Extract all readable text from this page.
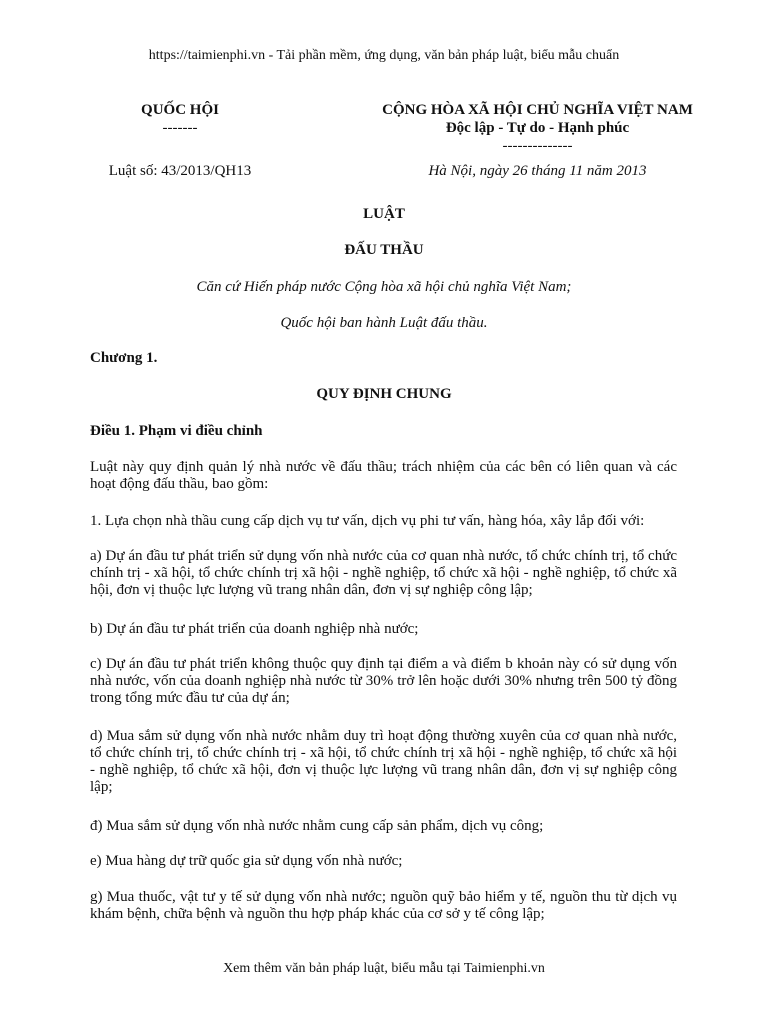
https://taimienphi.vn - Tải phần mềm, ứng dụng, văn bản pháp luật, biểu mẫu chuẩn
QUỐC HỘI
-------
Luật số: 43/2013/QH13
CỘNG HÒA XÃ HỘI CHỦ NGHĨA VIỆT NAM
Độc lập - Tự do - Hạnh phúc
--------------
Hà Nội, ngày 26 tháng 11 năm 2013
LUẬT
ĐẤU THẦU
Căn cứ Hiến pháp nước Cộng hòa xã hội chủ nghĩa Việt Nam;
Quốc hội ban hành Luật đấu thầu.
Chương 1.
QUY ĐỊNH CHUNG
Điều 1. Phạm vi điều chỉnh
Luật này quy định quản lý nhà nước về đấu thầu; trách nhiệm của các bên có liên quan và các hoạt động đấu thầu, bao gồm:
1. Lựa chọn nhà thầu cung cấp dịch vụ tư vấn, dịch vụ phi tư vấn, hàng hóa, xây lắp đối với:
a) Dự án đầu tư phát triển sử dụng vốn nhà nước của cơ quan nhà nước, tổ chức chính trị, tổ chức chính trị - xã hội, tổ chức chính trị xã hội - nghề nghiệp, tổ chức xã hội - nghề nghiệp, tổ chức xã hội, đơn vị thuộc lực lượng vũ trang nhân dân, đơn vị sự nghiệp công lập;
b) Dự án đầu tư phát triển của doanh nghiệp nhà nước;
c) Dự án đầu tư phát triển không thuộc quy định tại điểm a và điểm b khoản này có sử dụng vốn nhà nước, vốn của doanh nghiệp nhà nước từ 30% trở lên hoặc dưới 30% nhưng trên 500 tỷ đồng trong tổng mức đầu tư của dự án;
d) Mua sắm sử dụng vốn nhà nước nhằm duy trì hoạt động thường xuyên của cơ quan nhà nước, tổ chức chính trị, tổ chức chính trị - xã hội, tổ chức chính trị xã hội - nghề nghiệp, tổ chức xã hội - nghề nghiệp, tổ chức xã hội, đơn vị thuộc lực lượng vũ trang nhân dân, đơn vị sự nghiệp công lập;
đ) Mua sắm sử dụng vốn nhà nước nhằm cung cấp sản phẩm, dịch vụ công;
e) Mua hàng dự trữ quốc gia sử dụng vốn nhà nước;
g) Mua thuốc, vật tư y tế sử dụng vốn nhà nước; nguồn quỹ bảo hiểm y tế, nguồn thu từ dịch vụ khám bệnh, chữa bệnh và nguồn thu hợp pháp khác của cơ sở y tế công lập;
Xem thêm văn bản pháp luật, biểu mẫu tại Taimienphi.vn
